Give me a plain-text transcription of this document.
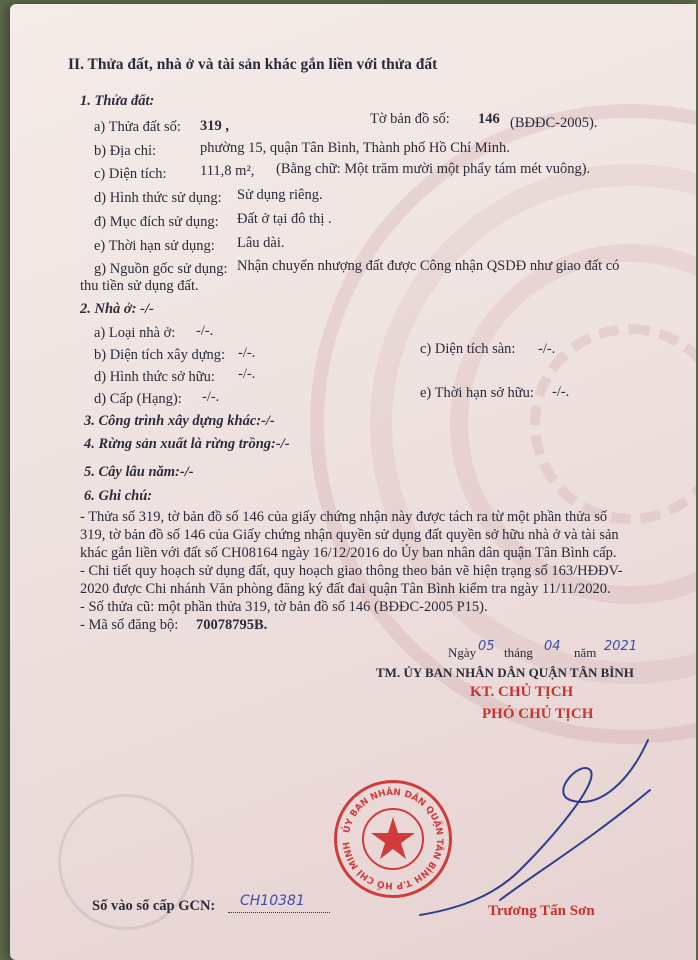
II. Thửa đất, nhà ở và tài sản khác gắn liền với thửa đất
1. Thửa đất:
a) Thửa đất số: 319 ,	Tờ bản đồ số: 146 (BĐĐC-2005).
b) Địa chỉ:	phường 15, quận Tân Bình, Thành phố Hồ Chí Minh.
c) Diện tích: 111,8 m², (Bằng chữ: Một trăm mười một phẩy tám mét vuông).
d) Hình thức sử dụng: Sử dụng riêng.
đ) Mục đích sử dụng: Đất ở tại đô thị .
e) Thời hạn sử dụng: Lâu dài.
g) Nguồn gốc sử dụng: Nhận chuyển nhượng đất được Công nhận QSDĐ như giao đất có
thu tiền sử dụng đất.
2. Nhà ở: -/-
a) Loại nhà ở: -/-.
b) Diện tích xây dựng: -/-.	c) Diện tích sàn: -/-.
d) Hình thức sở hữu: -/-.
d) Cấp (Hạng): -/-.	e) Thời hạn sở hữu: -/-.
3. Công trình xây dựng khác:-/-
4. Rừng sản xuất là rừng trồng:-/-
5. Cây lâu năm:-/-
6. Ghi chú:
- Thửa số 319, tờ bản đồ số 146 của giấy chứng nhận này được tách ra từ một phần thửa số
319, tờ bản đồ số 146 của Giấy chứng nhận quyền sử dụng đất quyền sở hữu nhà ở và tài sản
khác gắn liền với đất số CH08164 ngày 16/12/2016 do Ủy ban nhân dân quận Tân Bình cấp.
- Chi tiết quy hoạch sử dụng đất, quy hoạch giao thông theo bản vẽ hiện trạng số 163/HĐĐV-
2020 được Chi nhánh Văn phòng đăng ký đất đai quận Tân Bình kiểm tra ngày 11/11/2020.
- Số thửa cũ: một phần thửa 319, tờ bản đồ số 146 (BĐĐC-2005 P15).
- Mã số đăng bộ: 70078795B.
Ngày 05 tháng 04 năm 2021
TM. ỦY BAN NHÂN DÂN QUẬN TÂN BÌNH
KT. CHỦ TỊCH
PHÓ CHỦ TỊCH
ỦY BAN NHÂN DÂN QUẬN TÂN BÌNH T.P HỒ CHÍ MINH
Trương Tấn Sơn
Số vào số cấp GCN: CH10381
